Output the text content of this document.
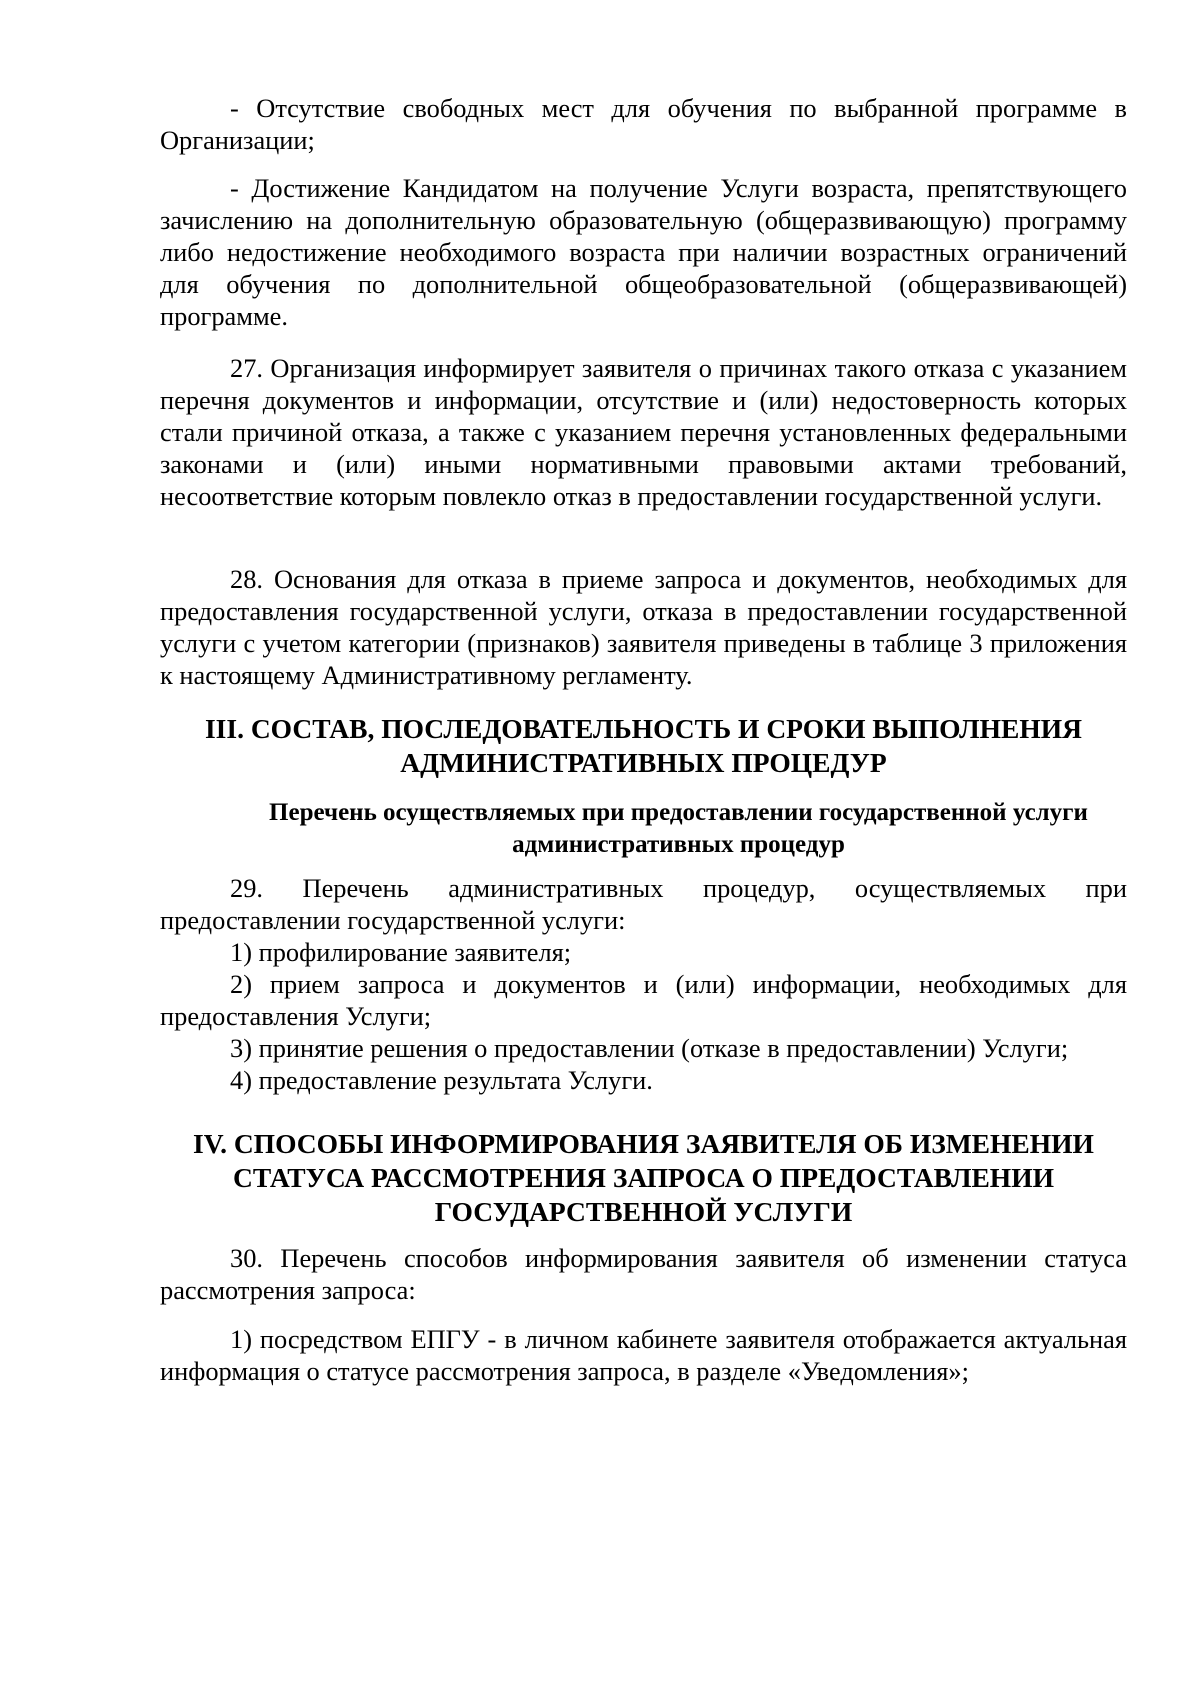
- Отсутствие свободных мест для обучения по выбранной программе в Организации;

- Достижение Кандидатом на получение Услуги возраста, препятствующего зачислению на дополнительную образовательную (общеразвивающую) программу либо недостижение необходимого возраста при наличии возрастных ограничений для обучения по дополнительной общеобразовательной (общеразвивающей) программе.

27. Организация информирует заявителя о причинах такого отказа с указанием перечня документов и информации, отсутствие и (или) недостоверность которых стали причиной отказа, а также с указанием перечня установленных федеральными законами и (или) иными нормативными правовыми актами требований, несоответствие которым повлекло отказ в предоставлении государственной услуги.

28. Основания для отказа в приеме запроса и документов, необходимых для предоставления государственной услуги, отказа в предоставлении государственной услуги с учетом категории (признаков) заявителя приведены в таблице 3 приложения к настоящему Административному регламенту.

III. СОСТАВ, ПОСЛЕДОВАТЕЛЬНОСТЬ И СРОКИ ВЫПОЛНЕНИЯ АДМИНИСТРАТИВНЫХ ПРОЦЕДУР
Перечень осуществляемых при предоставлении государственной услуги административных процедур

29. Перечень административных процедур, осуществляемых при предоставлении государственной услуги:

1) профилирование заявителя;

2) прием запроса и документов и (или) информации, необходимых для предоставления Услуги;

3) принятие решения о предоставлении (отказе в предоставлении) Услуги;

4) предоставление результата Услуги.

IV. СПОСОБЫ ИНФОРМИРОВАНИЯ ЗАЯВИТЕЛЯ ОБ ИЗМЕНЕНИИ СТАТУСА РАССМОТРЕНИЯ ЗАПРОСА О ПРЕДОСТАВЛЕНИИ ГОСУДАРСТВЕННОЙ УСЛУГИ

30. Перечень способов информирования заявителя об изменении статуса рассмотрения запроса:

1) посредством ЕПГУ - в личном кабинете заявителя отображается актуальная информация о статусе рассмотрения запроса, в разделе «Уведомления»;
